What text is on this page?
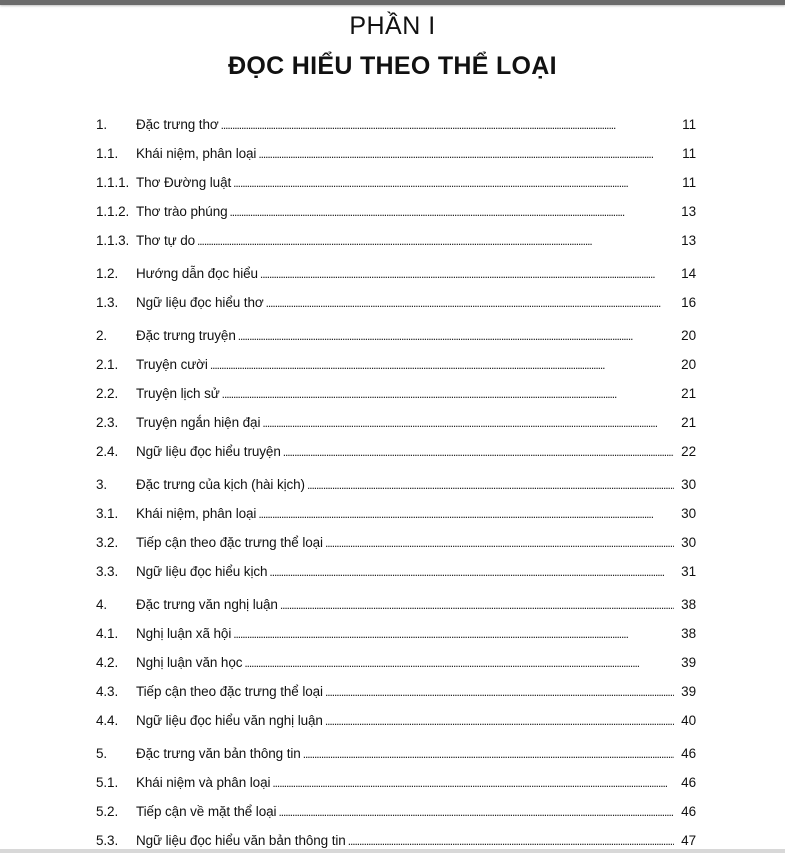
PHẦN I
ĐỌC HIỂU THEO THỂ LOẠI
1.	Đặc trưng thơ . . .	11
1.1.	Khái niệm, phân loại . . .	11
1.1.1. Thơ Đường luật . . .	11
1.1.2. Thơ trào phúng . . .	13
1.1.3. Thơ tự do . . .	13
1.2.	Hướng dẫn đọc hiểu . . .	14
1.3.	Ngữ liệu đọc hiểu thơ . . .	16
2.	Đặc trưng truyện . . .	20
2.1.	Truyện cười . . .	20
2.2.	Truyện lịch sử . . .	21
2.3.	Truyện ngắn hiện đại . . .	21
2.4.	Ngữ liệu đọc hiểu truyện . . .	22
3.	Đặc trưng của kịch (hài kịch) . . .	30
3.1.	Khái niệm, phân loại . . .	30
3.2.	Tiếp cận theo đặc trưng thể loại . . .	30
3.3.	Ngữ liệu đọc hiểu kịch . . .	31
4.	Đặc trưng văn nghị luận . . .	38
4.1.	Nghị luận xã hội . . .	38
4.2.	Nghị luận văn học . . .	39
4.3.	Tiếp cận theo đặc trưng thể loại . . .	39
4.4.	Ngữ liệu đọc hiểu văn nghị luận . . .	40
5.	Đặc trưng văn bản thông tin . . .	46
5.1.	Khái niệm và phân loại . . .	46
5.2.	Tiếp cận về mặt thể loại . . .	46
5.3.	Ngữ liệu đọc hiểu văn bản thông tin . . .	47
